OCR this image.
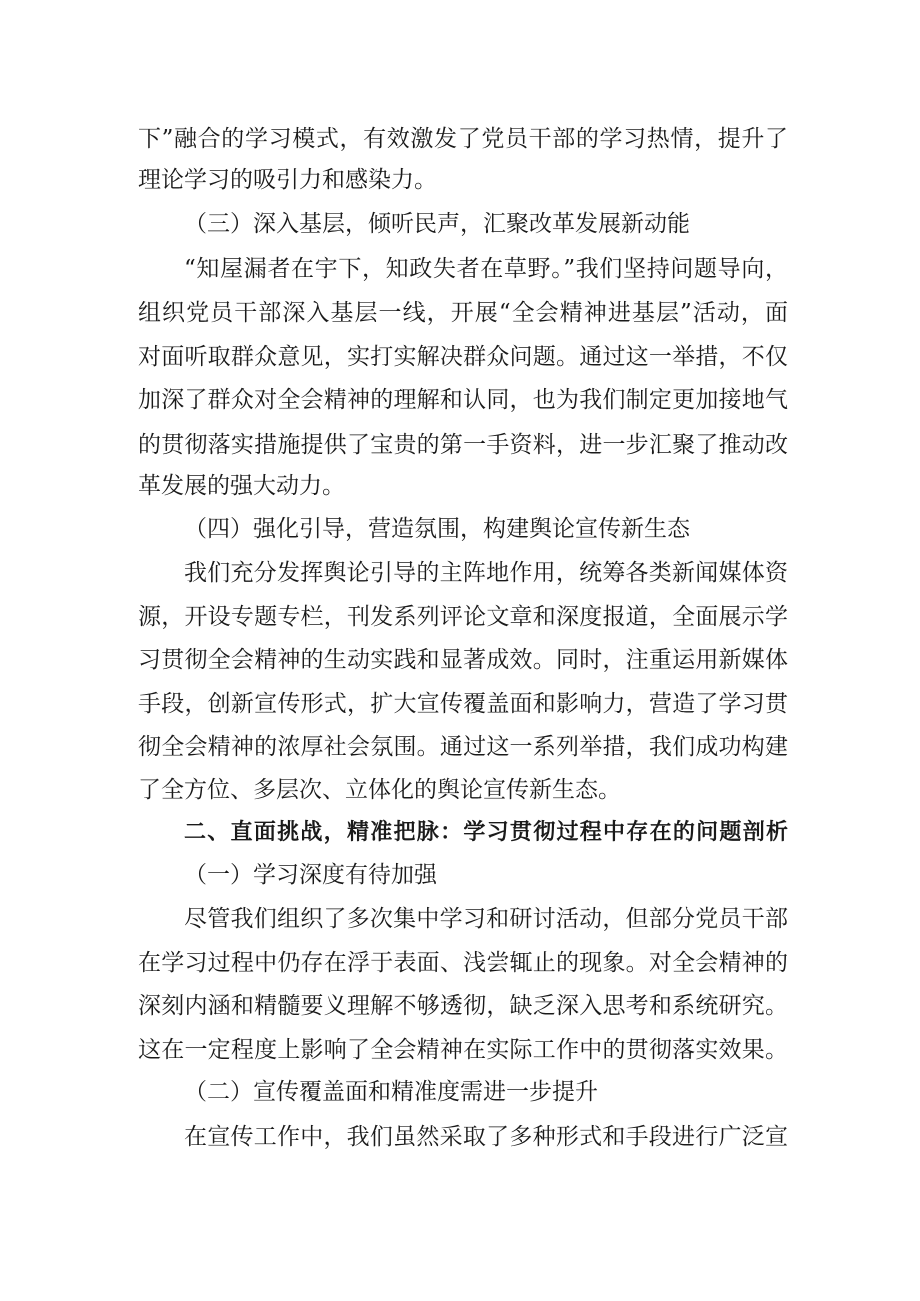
下”融合的学习模式，有效激发了党员干部的学习热情，提升了
理论学习的吸引力和感染力。
（三）深入基层，倾听民声，汇聚改革发展新动能
“知屋漏者在宇下，知政失者在草野。”我们坚持问题导向，
组织党员干部深入基层一线，开展“全会精神进基层”活动，面
对面听取群众意见，实打实解决群众问题。通过这一举措，不仅
加深了群众对全会精神的理解和认同，也为我们制定更加接地气
的贯彻落实措施提供了宝贵的第一手资料，进一步汇聚了推动改
革发展的强大动力。
（四）强化引导，营造氛围，构建舆论宣传新生态
我们充分发挥舆论引导的主阵地作用，统筹各类新闻媒体资
源，开设专题专栏，刊发系列评论文章和深度报道，全面展示学
习贯彻全会精神的生动实践和显著成效。同时，注重运用新媒体
手段，创新宣传形式，扩大宣传覆盖面和影响力，营造了学习贯
彻全会精神的浓厚社会氛围。通过这一系列举措，我们成功构建
了全方位、多层次、立体化的舆论宣传新生态。
二、直面挑战，精准把脉：学习贯彻过程中存在的问题剖析
（一）学习深度有待加强
尽管我们组织了多次集中学习和研讨活动，但部分党员干部
在学习过程中仍存在浮于表面、浅尝辄止的现象。对全会精神的
深刻内涵和精髓要义理解不够透彻，缺乏深入思考和系统研究。
这在一定程度上影响了全会精神在实际工作中的贯彻落实效果。
（二）宣传覆盖面和精准度需进一步提升
在宣传工作中，我们虽然采取了多种形式和手段进行广泛宣
